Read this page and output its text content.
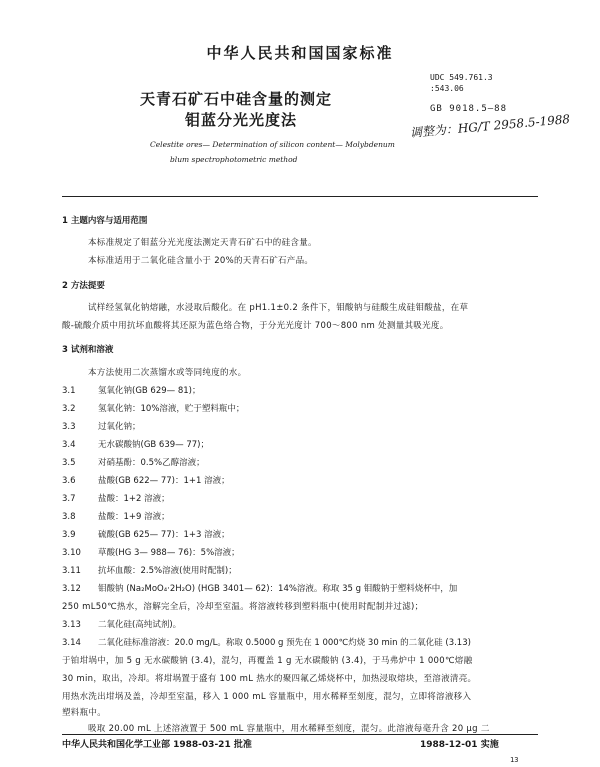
中华人民共和国国家标准
UDC 549.761.3
:543.06
GB 9018.5—88
调整为：HG/T 2958.5-1988
天青石矿石中硅含量的测定
钼蓝分光光度法
Celestite ores— Determination of silicon content— Molybdenum
blum spectrophotometric method
1 主题内容与适用范围
本标准规定了钼蓝分光光度法测定天青石矿石中的硅含量。
本标准适用于二氧化硅含量小于 20%的天青石矿石产品。
2 方法提要
试样经氢氧化钠熔融，水浸取后酸化。在 pH1.1±0.2 条件下，钼酸钠与硅酸生成硅钼酸盐，在草
酸-硫酸介质中用抗坏血酸将其还原为蓝色络合物，于分光光度计 700～800 nm 处测量其吸光度。
3 试剂和溶液
本方法使用二次蒸馏水或等同纯度的水。
3.1	氢氧化钠(GB 629— 81)；
3.2	氢氧化钠：10%溶液，贮于塑料瓶中；
3.3	过氧化钠；
3.4	无水碳酸钠(GB 639— 77)；
3.5	对硝基酚：0.5%乙醇溶液；
3.6	盐酸(GB 622— 77)：1+1 溶液；
3.7	盐酸：1+2 溶液；
3.8	盐酸：1+9 溶液；
3.9	硫酸(GB 625— 77)：1+3 溶液；
3.10 草酸(HG 3— 988— 76)：5%溶液；
3.11 抗坏血酸：2.5%溶液(使用时配制)；
3.12 钼酸钠 (Na₂MoO₄·2H₂O) (HGB 3401— 62)：14%溶液。称取 35 g 钼酸钠于塑料烧杯中，加
250 mL50℃热水，溶解完全后，冷却至室温。将溶液转移到塑料瓶中(使用时配制并过滤)；
3.13 二氧化硅(高纯试剂)。
3.14 二氧化硅标准溶液：20.0 mg/L。称取 0.5000 g 预先在 1 000℃灼烧 30 min 的二氧化硅 (3.13)
于铂坩埚中，加 5 g 无水碳酸钠 (3.4)，混匀，再覆盖 1 g 无水碳酸钠 (3.4)，于马弗炉中 1 000℃熔融
30 min，取出，冷却。将坩埚置于盛有 100 mL 热水的聚四氟乙烯烧杯中，加热浸取熔块，至溶液清亮。
用热水洗出坩埚及盖，冷却至室温，移入 1 000 mL 容量瓶中，用水稀释至刻度，混匀，立即将溶液移入
塑料瓶中。
吸取 20.00 mL 上述溶液置于 500 mL 容量瓶中，用水稀释至刻度，混匀。此溶液每毫升含 20 μg 二
中华人民共和国化学工业部 1988-03-21 批准	1988-12-01 实施
13
